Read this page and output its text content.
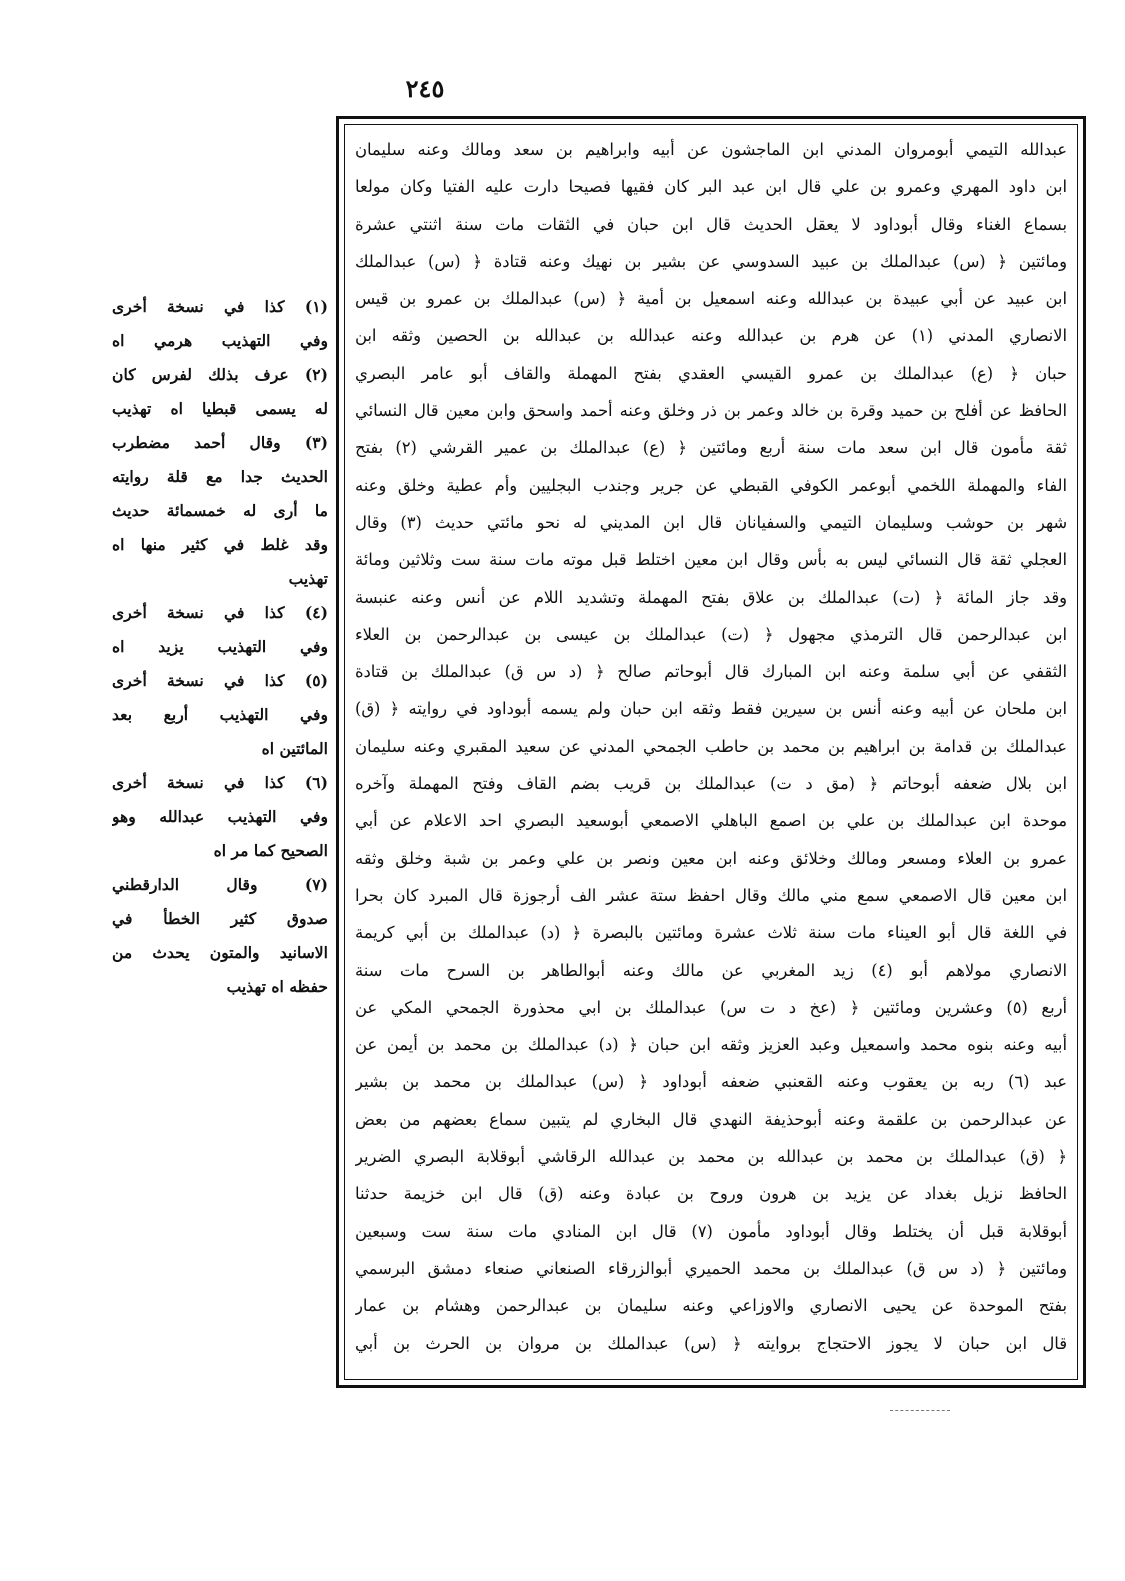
٢٤٥
عبدالله التيمي أبومروان المدني ابن الماجشون عن أبيه وابراهيم بن سعد ومالك وعنه سليمان
ابن داود المهري وعمرو بن علي قال ابن عبد البر كان فقيها فصيحا دارت عليه الفتيا وكان مولعا
بسماع الغناء وقال أبوداود لا يعقل الحديث قال ابن حبان في الثقات مات سنة اثنتي عشرة
ومائتين ﴿ (س) عبدالملك بن عبيد السدوسي عن بشير بن نهيك وعنه قتادة ﴿ (س) عبدالملك
ابن عبيد عن أبي عبيدة بن عبدالله وعنه اسمعيل بن أمية ﴿ (س) عبدالملك بن عمرو بن قيس
الانصاري المدني (١) عن هرم بن عبدالله وعنه عبدالله بن عبدالله بن الحصين وثقه ابن
حبان ﴿ (ع) عبدالملك بن عمرو القيسي العقدي بفتح المهملة والقاف أبو عامر البصري
الحافظ عن أفلح بن حميد وقرة بن خالد وعمر بن ذر وخلق وعنه أحمد واسحق وابن معين قال النسائي
ثقة مأمون قال ابن سعد مات سنة أربع ومائتين ﴿ (ع) عبدالملك بن عمير القرشي (٢) بفتح
الفاء والمهملة اللخمي أبوعمر الكوفي القبطي عن جرير وجندب البجليين وأم عطية وخلق وعنه
شهر بن حوشب وسليمان التيمي والسفيانان قال ابن المديني له نحو مائتي حديث (٣) وقال
العجلي ثقة قال النسائي ليس به بأس وقال ابن معين اختلط قبل موته مات سنة ست وثلاثين ومائة
وقد جاز المائة ﴿ (ت) عبدالملك بن علاق بفتح المهملة وتشديد اللام عن أنس وعنه عنبسة
ابن عبدالرحمن قال الترمذي مجهول ﴿ (ت) عبدالملك بن عيسى بن عبدالرحمن بن العلاء
الثقفي عن أبي سلمة وعنه ابن المبارك قال أبوحاتم صالح ﴿ (د س ق) عبدالملك بن قتادة
ابن ملحان عن أبيه وعنه أنس بن سيرين فقط وثقه ابن حبان ولم يسمه أبوداود في روايته ﴿ (ق)
عبدالملك بن قدامة بن ابراهيم بن محمد بن حاطب الجمحي المدني عن سعيد المقبري وعنه سليمان
ابن بلال ضعفه أبوحاتم ﴿ (مق د ت) عبدالملك بن قريب بضم القاف وفتح المهملة وآخره
موحدة ابن عبدالملك بن علي بن اصمع الباهلي الاصمعي أبوسعيد البصري احد الاعلام عن أبي
عمرو بن العلاء ومسعر ومالك وخلائق وعنه ابن معين ونصر بن علي وعمر بن شبة وخلق وثقه
ابن معين قال الاصمعي سمع مني مالك وقال احفظ ستة عشر الف أرجوزة قال المبرد كان بحرا
في اللغة قال أبو العيناء مات سنة ثلاث عشرة ومائتين بالبصرة ﴿ (د) عبدالملك بن أبي كريمة
الانصاري مولاهم أبو (٤) زيد المغربي عن مالك وعنه أبوالطاهر بن السرح مات سنة
أربع (٥) وعشرين ومائتين ﴿ (عخ د ت س) عبدالملك بن ابي محذورة الجمحي المكي عن
أبيه وعنه بنوه محمد واسمعيل وعبد العزيز وثقه ابن حبان ﴿ (د) عبدالملك بن محمد بن أيمن عن
عبد (٦) ربه بن يعقوب وعنه القعنبي ضعفه أبوداود ﴿ (س) عبدالملك بن محمد بن بشير
عن عبدالرحمن بن علقمة وعنه أبوحذيفة النهدي قال البخاري لم يتبين سماع بعضهم من بعض
﴿ (ق) عبدالملك بن محمد بن عبدالله بن محمد بن عبدالله الرقاشي أبوقلابة البصري الضرير
الحافظ نزيل بغداد عن يزيد بن هرون وروح بن عبادة وعنه (ق) قال ابن خزيمة حدثنا
أبوقلابة قبل أن يختلط وقال أبوداود مأمون (٧) قال ابن المنادي مات سنة ست وسبعين
ومائتين ﴿ (د س ق) عبدالملك بن محمد الحميري أبوالزرقاء الصنعاني صنعاء دمشق البرسمي
بفتح الموحدة عن يحيى الانصاري والاوزاعي وعنه سليمان بن عبدالرحمن وهشام بن عمار
قال ابن حبان لا يجوز الاحتجاج بروايته ﴿ (س) عبدالملك بن مروان بن الحرث بن أبي
(١) كذا في نسخة أخرى
وفي التهذيب هرمي اه
(٢) عرف بذلك لفرس كان
له يسمى قبطيا اه تهذيب
(٣) وقال أحمد مضطرب
الحديث جدا مع قلة روايته
ما أرى له خمسمائة حديث
وقد غلط في كثير منها اه
تهذيب
(٤) كذا في نسخة أخرى
وفي التهذيب يزيد اه
(٥) كذا في نسخة أخرى
وفي التهذيب أربع بعد
المائتين اه
(٦) كذا في نسخة أخرى
وفي التهذيب عبدالله وهو
الصحيح كما مر اه
(٧) وقال الدارقطني
صدوق كثير الخطأ في
الاسانيد والمتون يحدث من
حفظه اه تهذيب
